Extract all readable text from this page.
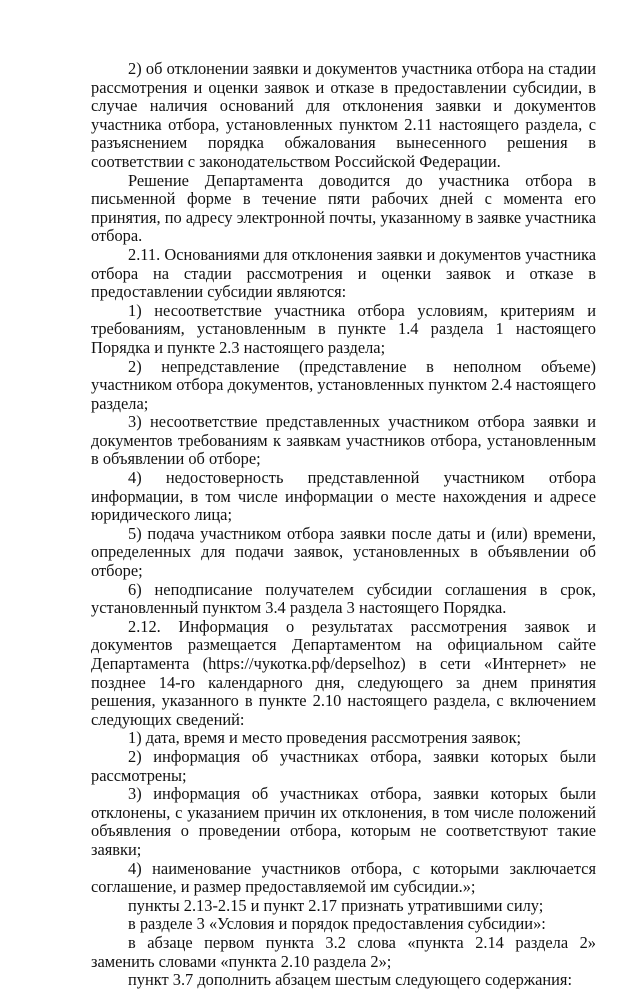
2) об отклонении заявки и документов участника отбора на стадии рассмотрения и оценки заявок и отказе в предоставлении субсидии, в случае наличия оснований для отклонения заявки и документов участника отбора, установленных пунктом 2.11 настоящего раздела, с разъяснением порядка обжалования вынесенного решения в соответствии с законодательством Российской Федерации.

Решение Департамента доводится до участника отбора в письменной форме в течение пяти рабочих дней с момента его принятия, по адресу электронной почты, указанному в заявке участника отбора.

2.11. Основаниями для отклонения заявки и документов участника отбора на стадии рассмотрения и оценки заявок и отказе в предоставлении субсидии являются:

1) несоответствие участника отбора условиям, критериям и требованиям, установленным в пункте 1.4 раздела 1 настоящего Порядка и пункте 2.3 настоящего раздела;

2) непредставление (представление в неполном объеме) участником отбора документов, установленных пунктом 2.4 настоящего раздела;

3) несоответствие представленных участником отбора заявки и документов требованиям к заявкам участников отбора, установленным в объявлении об отборе;

4) недостоверность представленной участником отбора информации, в том числе информации о месте нахождения и адресе юридического лица;

5) подача участником отбора заявки после даты и (или) времени, определенных для подачи заявок, установленных в объявлении об отборе;

6) неподписание получателем субсидии соглашения в срок, установленный пунктом 3.4 раздела 3 настоящего Порядка.

2.12. Информация о результатах рассмотрения заявок и документов размещается Департаментом на официальном сайте Департамента (https://чукотка.рф/depselhoz) в сети «Интернет» не позднее 14-го календарного дня, следующего за днем принятия решения, указанного в пункте 2.10 настоящего раздела, с включением следующих сведений:

1) дата, время и место проведения рассмотрения заявок;

2) информация об участниках отбора, заявки которых были рассмотрены;

3) информация об участниках отбора, заявки которых были отклонены, с указанием причин их отклонения, в том числе положений объявления о проведении отбора, которым не соответствуют такие заявки;

4) наименование участников отбора, с которыми заключается соглашение, и размер предоставляемой им субсидии.»;

пункты 2.13-2.15 и пункт 2.17 признать утратившими силу;

в разделе 3 «Условия и порядок предоставления субсидии»:

в абзаце первом пункта 3.2 слова «пункта 2.14 раздела 2» заменить словами «пункта 2.10 раздела 2»;

пункт 3.7 дополнить абзацем шестым следующего содержания:
